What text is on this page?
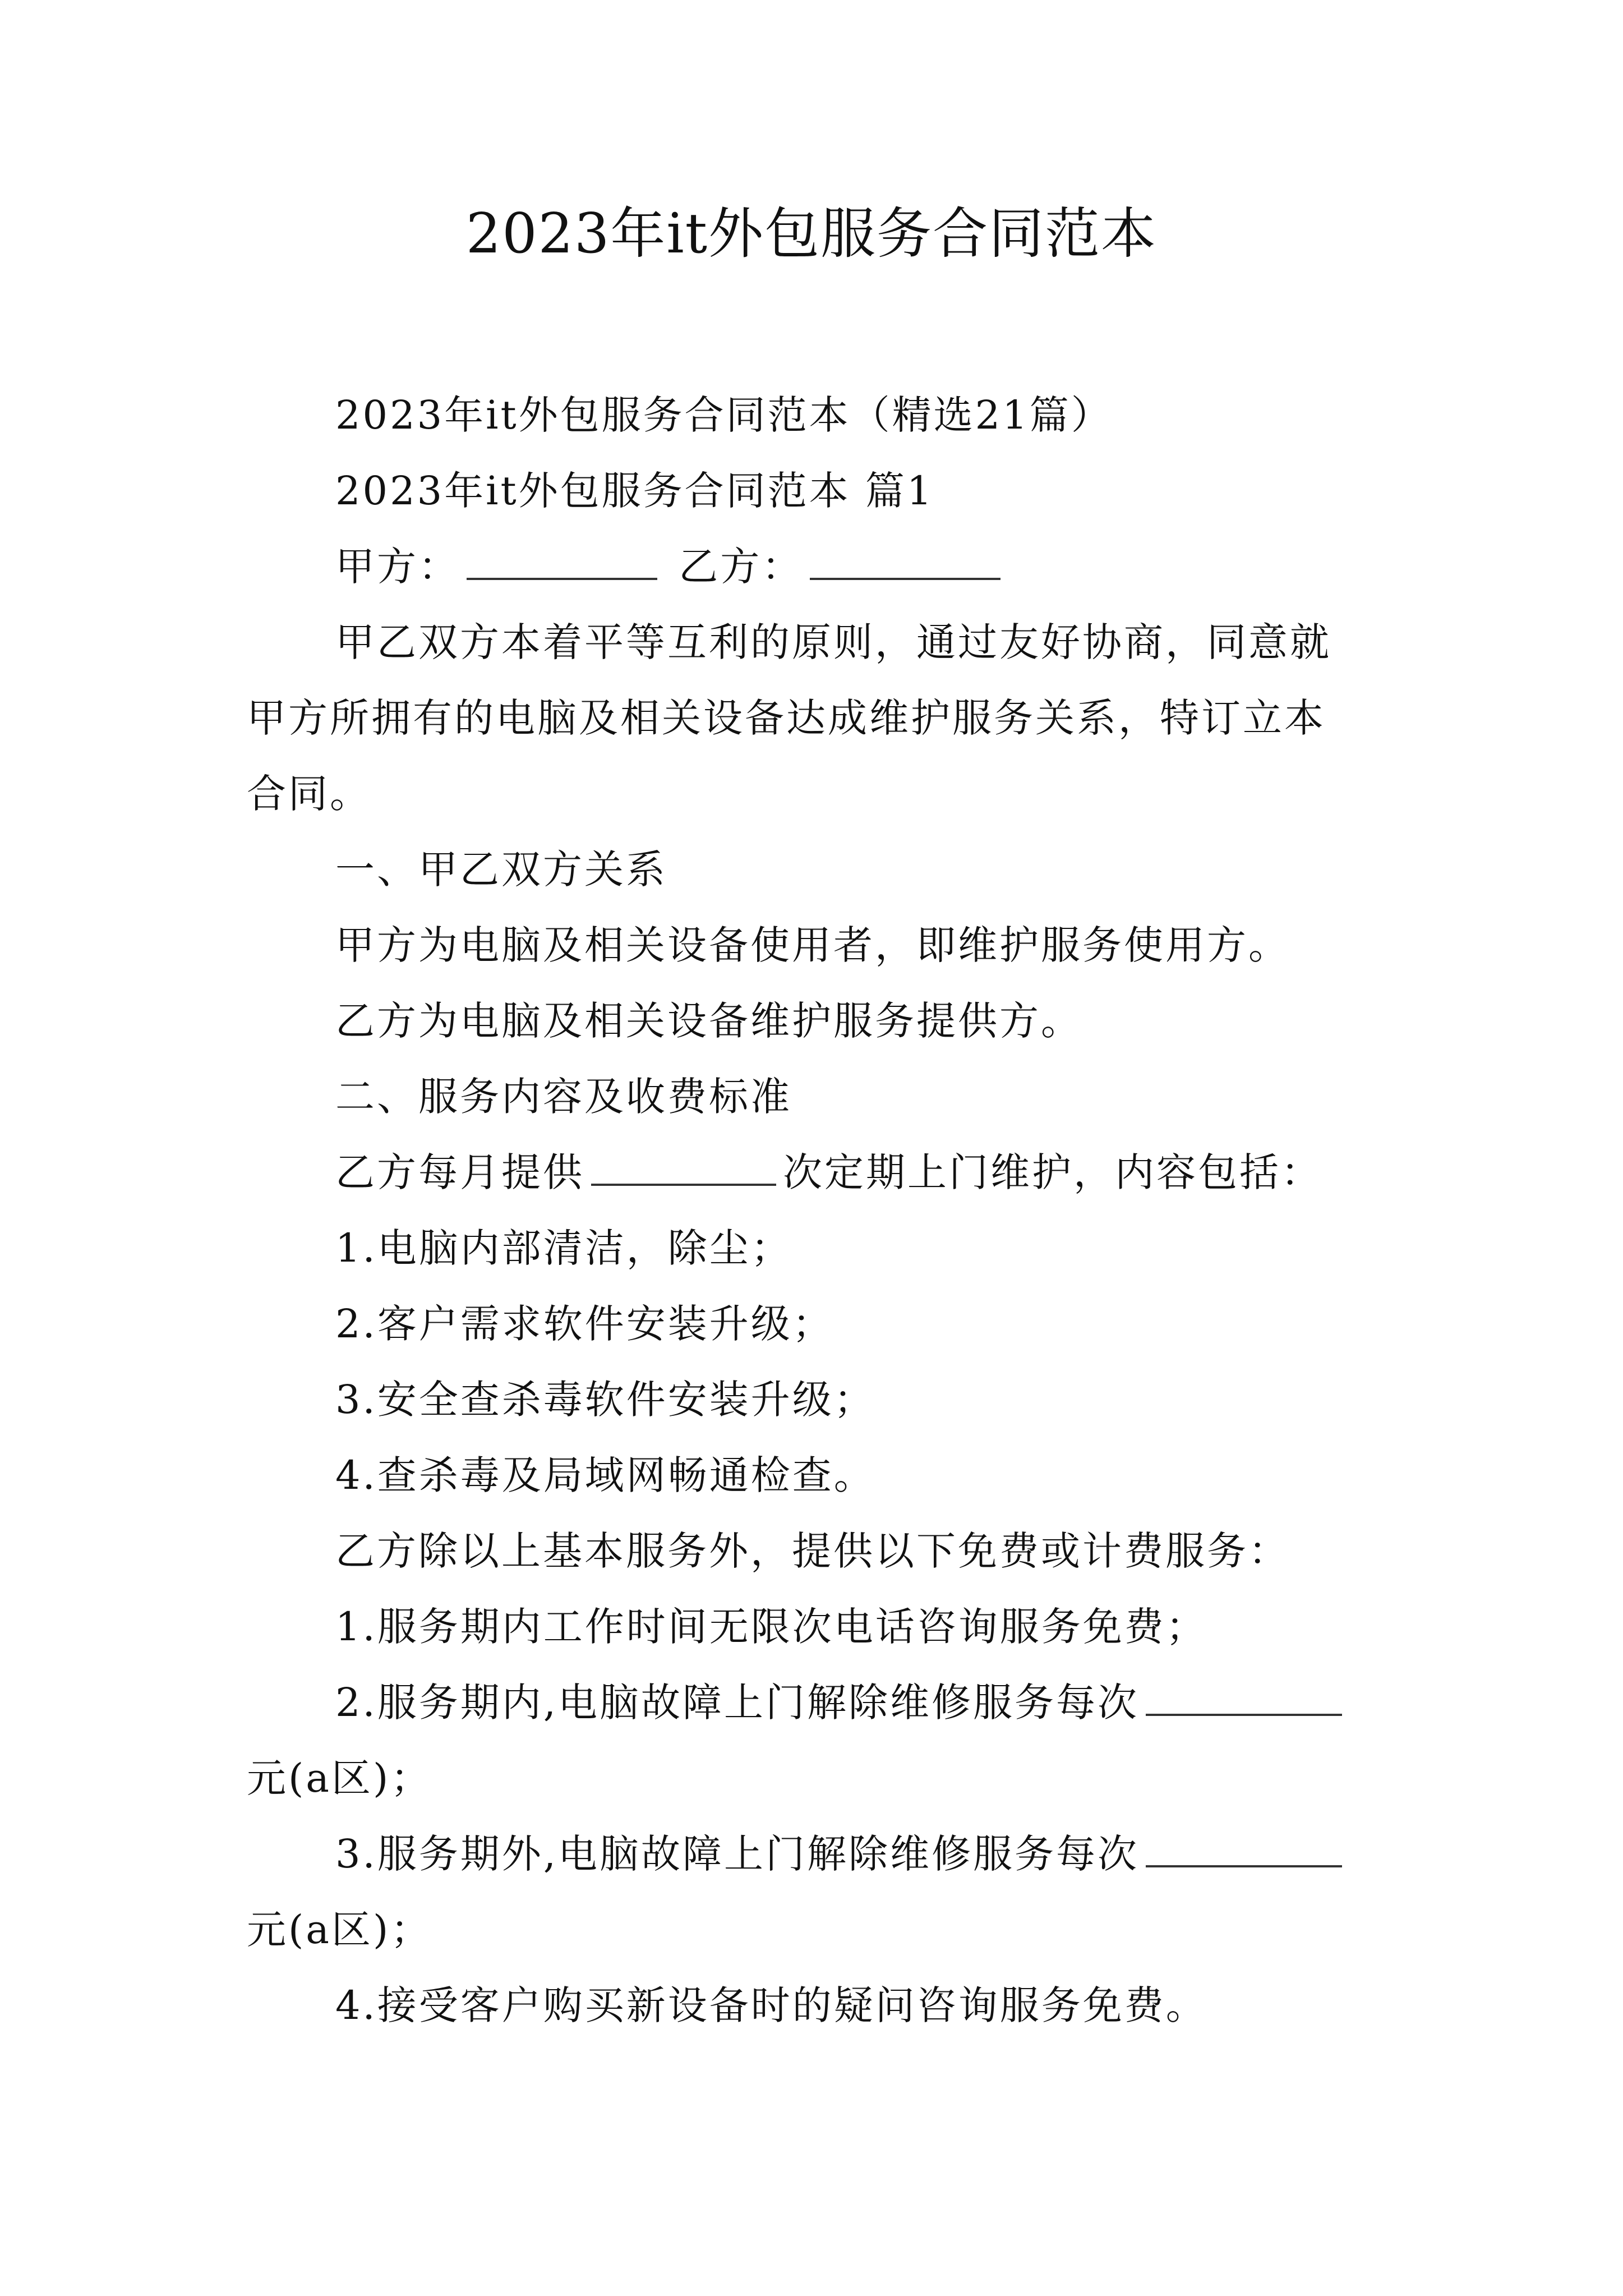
2023年it外包服务合同范本
2023年it外包服务合同范本（精选21篇）
2023年it外包服务合同范本 篇1
甲方：	乙方：
甲乙双方本着平等互利的原则，通过友好协商，同意就
甲方所拥有的电脑及相关设备达成维护服务关系，特订立本
合同。
一、甲乙双方关系
甲方为电脑及相关设备使用者，即维护服务使用方。
乙方为电脑及相关设备维护服务提供方。
二、服务内容及收费标准
乙方每月提供	次定期上门维护，内容包括：
1.电脑内部清洁，除尘；
2.客户需求软件安装升级；
3.安全查杀毒软件安装升级；
4.查杀毒及局域网畅通检查。
乙方除以上基本服务外，提供以下免费或计费服务：
1.服务期内工作时间无限次电话咨询服务免费；
2.服务期内,电脑故障上门解除维修服务每次
元(a区)；
3.服务期外,电脑故障上门解除维修服务每次
元(a区)；
4.接受客户购买新设备时的疑问咨询服务免费。
